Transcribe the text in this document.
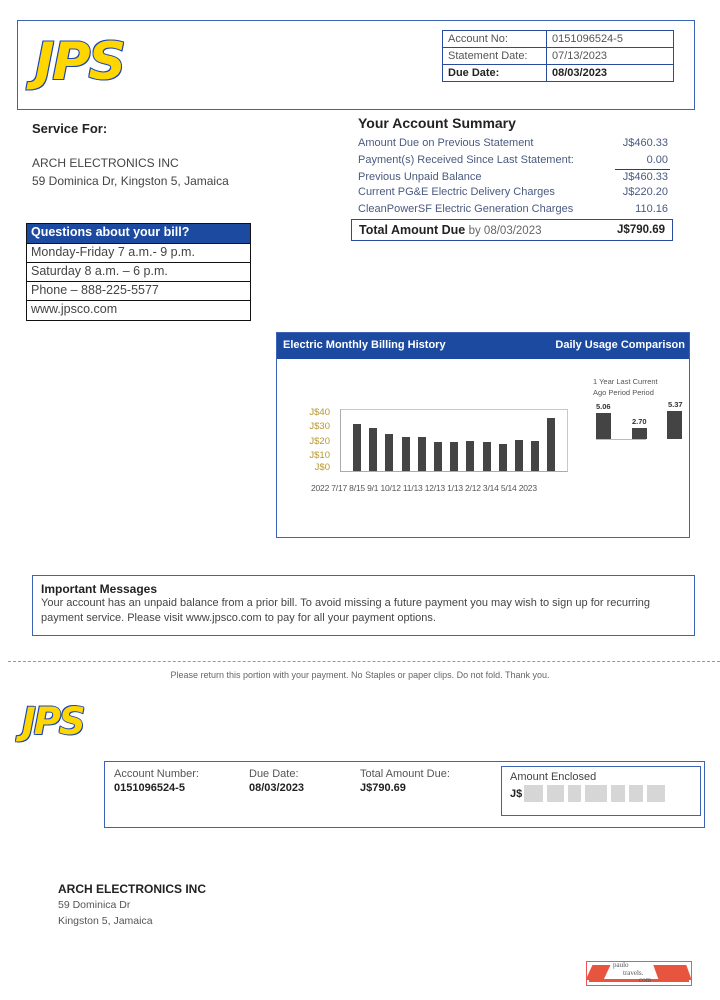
JPS	Account No:	0151096524-5
Statement Date:	07/13/2023
Due Date:	08/03/2023
Service For:
ARCH ELECTRONICS INC
59 Dominica Dr, Kingston 5, Jamaica
Questions about your bill?
Monday-Friday 7 a.m.- 9 p.m.
Saturday 8 a.m. – 6 p.m.
Phone – 888-225-5577
www.jpsco.com
Your Account Summary
Amount Due on Previous Statement	J$460.33
Payment(s) Received Since Last Statement:	0.00
Previous Unpaid Balance	J$460.33
Current PG&E Electric Delivery Charges	J$220.20
CleanPowerSF Electric Generation Charges	110.16
Total Amount Due by 08/03/2023	J$790.69
Electric Monthly Billing History	Daily Usage Comparison
J$40
J$30
J$20
J$10
J$0
2022 7/17 8/15 9/1 10/12 11/13 12/13 1/13 2/12 3/14 5/14 2023
1 Year Last Current
Ago Period Period
5.06
2.70
5.37
Important Messages
Your account has an unpaid balance from a prior bill. To avoid missing a future payment you may wish to sign up for recurring payment service. Please visit www.jpsco.com to pay for all your payment options.
Please return this portion with your payment. No Staples or paper clips. Do not fold. Thank you.
JPS
Account Number:
0151096524-5
Due Date:
08/03/2023
Total Amount Due:
J$790.69
Amount Enclosed
J$
ARCH ELECTRONICS INC
59 Dominica Dr
Kingston 5, Jamaica
paulo
travels.
com
